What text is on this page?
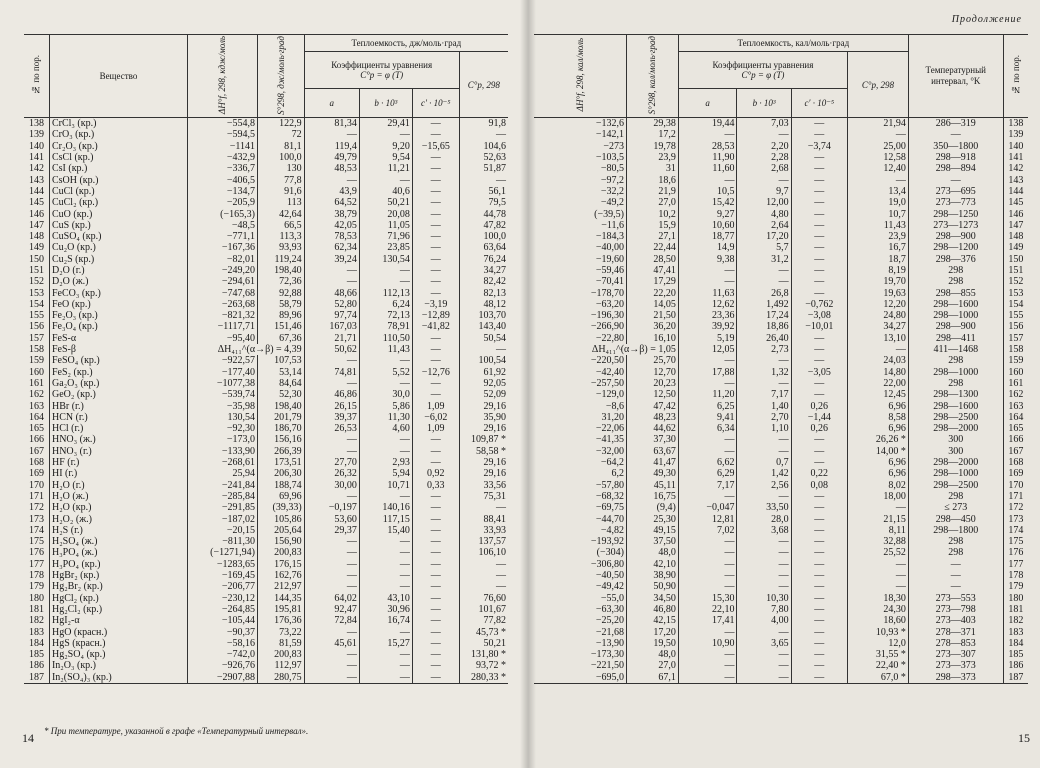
№ по пор.	Вещество	ΔH°f, 298, кдж/моль	S°298, дж/моль·град	Теплоемкость, дж/моль·град			
				Коэффициенты уравнения
C°p = φ (T)			C°p, 298
				a	b · 10³	c′ · 10⁻⁵	
138	CrCl₃ (кр.)	−554,8	122,9	81,34	29,41	—	91,8
139	CrO₃ (кр.)	−594,5	72	—	—	—	—
140	Cr₂O₃ (кр.)	−1141	81,1	119,4	9,20	−15,65	104,6
141	CsCl (кр.)	−432,9	100,0	49,79	9,54	—	52,63
142	CsI (кр.)	−336,7	130	48,53	11,21	—	51,87
143	CsOH (кр.)	−406,5	77,8	—	—	—	—
144	CuCl (кр.)	−134,7	91,6	43,9	40,6	—	56,1
145	CuCl₂ (кр.)	−205,9	113	64,52	50,21	—	79,5
146	CuO (кр.)	(−165,3)	42,64	38,79	20,08	—	44,78
147	CuS (кр.)	−48,5	66,5	42,05	11,05	—	47,82
148	CuSO₄ (кр.)	−771,1	113,3	78,53	71,96	—	100,0
149	Cu₂O (кр.)	−167,36	93,93	62,34	23,85	—	63,64
150	Cu₂S (кр.)	−82,01	119,24	39,24	130,54	—	76,24
151	D₂O (г.)	−249,20	198,40	—	—	—	34,27
152	D₂O (ж.)	−294,61	72,36	—	—	—	82,42
153	FeCO₃ (кр.)	−747,68	92,88	48,66	112,13	—	82,13
154	FeO (кр.)	−263,68	58,79	52,80	6,24	−3,19	48,12
155	Fe₂O₃ (кр.)	−821,32	89,96	97,74	72,13	−12,89	103,70
156	Fe₃O₄ (кр.)	−1117,71	151,46	167,03	78,91	−41,82	143,40
157	FeS-α	−95,40	67,36	21,71	110,50	—	50,54
158	FeS-β	ΔH₄₁₁^(α→β) = 4,39		50,62	11,43	—	—
159	FeSO₄ (кр.)	−922,57	107,53	—	—	—	100,54
160	FeS₂ (кр.)	−177,40	53,14	74,81	5,52	−12,76	61,92
161	Ga₂O₃ (кр.)	−1077,38	84,64	—	—	—	92,05
162	GeO₂ (кр.)	−539,74	52,30	46,86	30,0	—	52,09
163	HBr (г.)	−35,98	198,40	26,15	5,86	1,09	29,16
164	HCN (г.)	130,54	201,79	39,37	11,30	−6,02	35,90
165	HCl (г.)	−92,30	186,70	26,53	4,60	1,09	29,16
166	HNO₃ (ж.)	−173,0	156,16	—	—	—	109,87 *
167	HNO₃ (г.)	−133,90	266,39	—	—	—	58,58 *
168	HF (г.)	−268,61	173,51	27,70	2,93	—	29,16
169	HI (г.)	25,94	206,30	26,32	5,94	0,92	29,16
170	H₂O (г.)	−241,84	188,74	30,00	10,71	0,33	33,56
171	H₂O (ж.)	−285,84	69,96	—	—	—	75,31
172	H₂O (кр.)	−291,85	(39,33)	−0,197	140,16	—	—
173	H₂O₂ (ж.)	−187,02	105,86	53,60	117,15	—	88,41
174	H₂S (г.)	−20,15	205,64	29,37	15,40	—	33,93
175	H₂SO₄ (ж.)	−811,30	156,90	—	—	—	137,57
176	H₃PO₄ (ж.)	(−1271,94)	200,83	—	—	—	106,10
177	H₃PO₄ (кр.)	−1283,65	176,15	—	—	—	—
178	HgBr₂ (кр.)	−169,45	162,76	—	—	—	—
179	Hg₂Br₂ (кр.)	−206,77	212,97	—	—	—	—
180	HgCl₂ (кр.)	−230,12	144,35	64,02	43,10	—	76,60
181	Hg₂Cl₂ (кр.)	−264,85	195,81	92,47	30,96	—	101,67
182	HgI₂-α	−105,44	176,36	72,84	16,74	—	77,82
183	HgO (красн.)	−90,37	73,22	—	—	—	45,73 *
184	HgS (красн.)	−58,16	81,59	45,61	15,27	—	50,21
185	Hg₂SO₄ (кр.)	−742,0	200,83	—	—	—	131,80 *
186	In₂O₃ (кр.)	−926,76	112,97	—	—	—	93,72 *
187	In₂(SO₄)₃ (кр.)	−2907,88	280,75	—	—	—	280,33 *
* При температуре, указанной в графе «Температурный интервал».
14
Продолжение
ΔH°f, 298, кал/моль	S°298, кал/моль·град	Теплоемкость, кал/моль·град				Температурный интервал, °K	№ по пор.
		Коэффициенты уравнения
C°p = φ (T)			C°p, 298		
		a	b · 10³	c′ · 10⁻⁵			
−132,6	29,38	19,44	7,03	—	21,94	286—319	138
−142,1	17,2	—	—	—	—	—	139
−273	19,78	28,53	2,20	−3,74	25,00	350—1800	140
−103,5	23,9	11,90	2,28	—	12,58	298—918	141
−80,5	31	11,60	2,68	—	12,40	298—894	142
−97,2	18,6	—	—	—	—	—	143
−32,2	21,9	10,5	9,7	—	13,4	273—695	144
−49,2	27,0	15,42	12,00	—	19,0	273—773	145
(−39,5)	10,2	9,27	4,80	—	10,7	298—1250	146
−11,6	15,9	10,60	2,64	—	11,43	273—1273	147
−184,3	27,1	18,77	17,20	—	23,9	298—900	148
−40,00	22,44	14,9	5,7	—	16,7	298—1200	149
−19,60	28,50	9,38	31,2	—	18,7	298—376	150
−59,46	47,41	—	—	—	8,19	298	151
−70,41	17,29	—	—	—	19,70	298	152
−178,70	22,20	11,63	26,8	—	19,63	298—855	153
−63,20	14,05	12,62	1,492	−0,762	12,20	298—1600	154
−196,30	21,50	23,36	17,24	−3,08	24,80	298—1000	155
−266,90	36,20	39,92	18,86	−10,01	34,27	298—900	156
−22,80	16,10	5,19	26,40	—	13,10	298—411	157
ΔH₄₁₁^(α→β) = 1,05		12,05	2,73	—	—	411—1468	158
−220,50	25,70	—	—	—	24,03	298	159
−42,40	12,70	17,88	1,32	−3,05	14,80	298—1000	160
−257,50	20,23	—	—	—	22,00	298	161
−129,0	12,50	11,20	7,17	—	12,45	298—1300	162
−8,6	47,42	6,25	1,40	0,26	6,96	298—1600	163
31,20	48,23	9,41	2,70	−1,44	8,58	298—2500	164
−22,06	44,62	6,34	1,10	0,26	6,96	298—2000	165
−41,35	37,30	—	—	—	26,26 *	300	166
−32,00	63,67	—	—	—	14,00 *	300	167
−64,2	41,47	6,62	0,7	—	6,96	298—2000	168
6,2	49,30	6,29	1,42	0,22	6,96	298—1000	169
−57,80	45,11	7,17	2,56	0,08	8,02	298—2500	170
−68,32	16,75	—	—	—	18,00	298	171
−69,75	(9,4)	−0,047	33,50	—	—	≤ 273	172
−44,70	25,30	12,81	28,0	—	21,15	298—450	173
−4,82	49,15	7,02	3,68	—	8,11	298—1800	174
−193,92	37,50	—	—	—	32,88	298	175
(−304)	48,0	—	—	—	25,52	298	176
−306,80	42,10	—	—	—	—	—	177
−40,50	38,90	—	—	—	—	—	178
−49,42	50,90	—	—	—	—	—	179
−55,0	34,50	15,30	10,30	—	18,30	273—553	180
−63,30	46,80	22,10	7,80	—	24,30	273—798	181
−25,20	42,15	17,41	4,00	—	18,60	273—403	182
−21,68	17,20	—	—	—	10,93 *	278—371	183
−13,90	19,50	10,90	3,65	—	12,0	278—853	184
−173,30	48,0	—	—	—	31,55 *	273—307	185
−221,50	27,0	—	—	—	22,40 *	273—373	186
−695,0	67,1	—	—	—	67,0 *	298—373	187
15
